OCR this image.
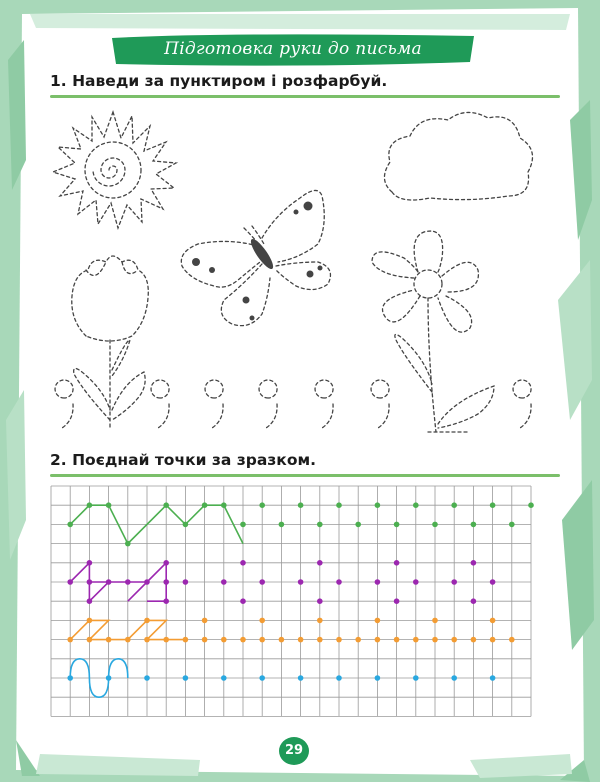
Підготовка руки до письма
1. Наведи за пунктиром і розфарбуй.
2. Поєднай точки за зразком.
29
